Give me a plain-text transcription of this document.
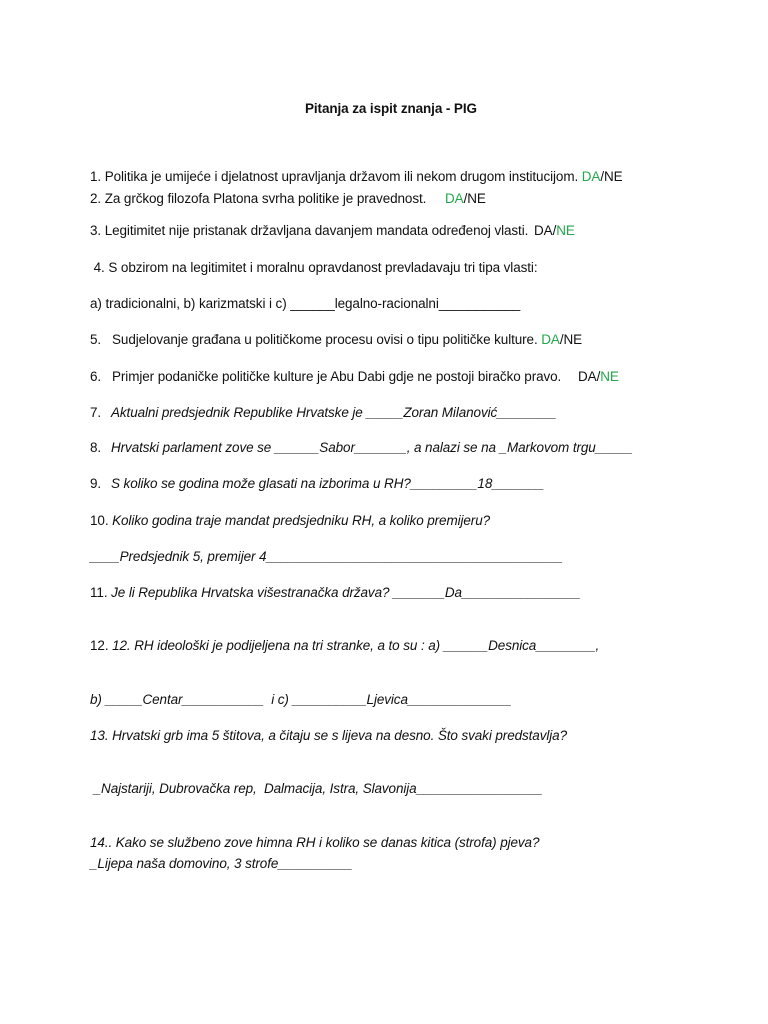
Pitanja za ispit znanja - PIG
1. Politika je umijeće i djelatnost upravljanja državom ili nekom drugom institucijom. DA/NE
2. Za grčkog filozofa Platona svrha politike je pravednost. DA/NE
3. Legitimitet nije pristanak državljana davanjem mandata određenoj vlasti. DA/NE
4. S obzirom na legitimitet i moralnu opravdanost prevladavaju tri tipa vlasti:
a) tradicionalni, b) karizmatski i c) ______legalno-racionalni___________
5.   Sudjelovanje građana u političkome procesu ovisi o tipu političke kulture. DA/NE
6.   Primjer podaničke političke kulture je Abu Dabi gdje ne postoji biračko pravo. DA/NE
7. Aktualni predsjednik Republike Hrvatske je _____Zoran Milanović________
8. Hrvatski parlament zove se ______Sabor_______, a nalazi se na _Markovom trgu_____
9. S koliko se godina može glasati na izborima u RH?_________18_______
10. Koliko godina traje mandat predsjedniku RH, a koliko premijeru?
____Predsjednik 5, premijer 4________________________________________
11. Je li Republika Hrvatska višestranačka država? _______Da________________
12. 12. RH ideološki je podijeljena na tri stranke, a to su : a) ______Desnica________,
b) _____Centar___________  i c) __________Ljevica______________
13. Hrvatski grb ima 5 štitova, a čitaju se s lijeva na desno. Što svaki predstavlja?
_Najstariji, Dubrovačka rep,  Dalmacija, Istra, Slavonija_________________
14.. Kako se službeno zove himna RH i koliko se danas kitica (strofa) pjeva?
_Lijepa naša domovino, 3 strofe__________
